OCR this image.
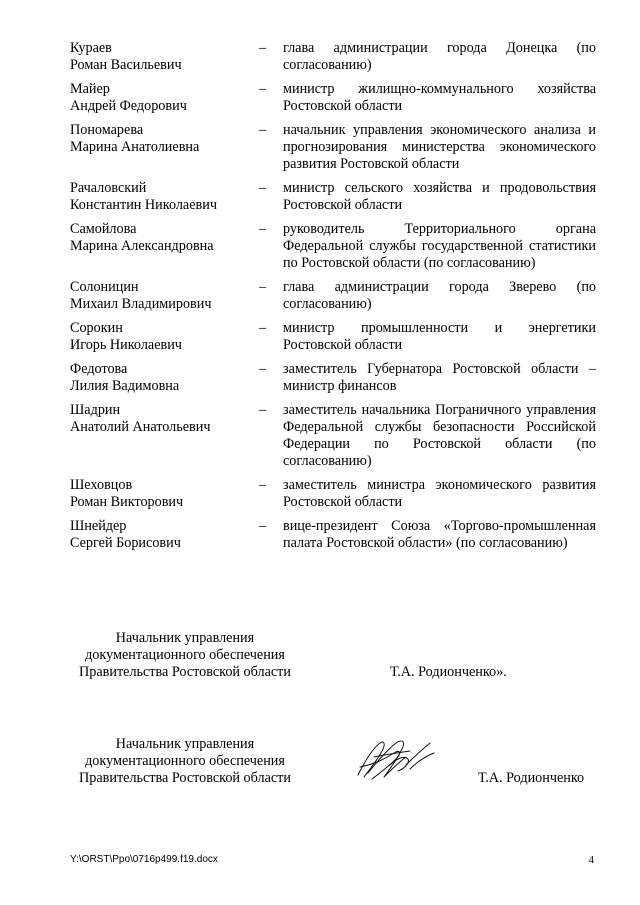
Кураев
Роман Васильевич
–	глава администрации города Донецка (по согласованию)
Майер
Андрей Федорович
–	министр жилищно-коммунального хозяйства Ростовской области
Пономарева
Марина Анатолиевна
–	начальник управления экономического анализа и прогнозирования министерства экономического развития Ростовской области
Рачаловский
Константин Николаевич
–	министр сельского хозяйства и продовольствия Ростовской области
Самойлова
Марина Александровна
–	руководитель Территориального органа Федеральной службы государственной статистики по Ростовской области (по согласованию)
Солоницин
Михаил Владимирович
–	глава администрации города Зверево (по согласованию)
Сорокин
Игорь Николаевич
–	министр промышленности и энергетики Ростовской области
Федотова
Лилия Вадимовна
–	заместитель Губернатора Ростовской области – министр финансов
Шадрин
Анатолий Анатольевич
–	заместитель начальника Пограничного управления Федеральной службы безопасности Российской Федерации по Ростовской области (по согласованию)
Шеховцов
Роман Викторович
–	заместитель министра экономического развития Ростовской области
Шнейдер
Сергей Борисович
–	вице-президент Союза «Торгово-промышленная палата Ростовской области» (по согласованию)
Начальник управления
документационного обеспечения
Правительства Ростовской области	Т.А. Родионченко».
Начальник управления
документационного обеспечения
Правительства Ростовской области	Т.А. Родионченко
Y:\ORST\Ppo\0716p499.f19.docx	4
